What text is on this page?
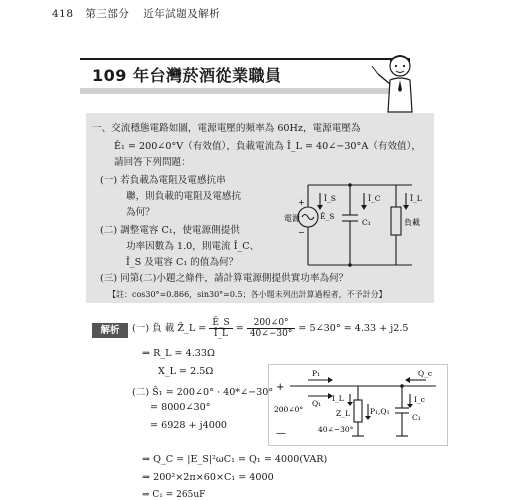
418 第三部分 近年試題及解析
109 年台灣菸酒從業職員
一、交流穩態電路如圖，電源電壓的頻率為 60Hz，電源電壓為
Ê₁ = 200∠0°V（有效值），負載電流為 Î_L = 40∠−30°A（有效值），
請回答下列問題：
(一) 若負載為電阻及電感抗串
聯，則負載的電阻及電感抗
為何？
(二) 調整電容 C₁，使電源側提供
功率因數為 1.0，則電流 Î_C、
Î_S 及電容 C₁ 的值為何？
(三) 同第(二)小題之條件，請計算電源側提供實功率為何？
【註：cos30°=0.866，sin30°=0.5；各小題未列出計算過程者，不予計分】
+
−
電源	Ê_S
Î_S	Î_C
C₁
Î_L
負載
解析	(一) 負 載 Z̄_L = $\frac{Ē\_S}{Ī\_L} = \frac{200\angle 0^\circ}{40\angle-30^\circ}$ = 5∠30° = 4.33 + j2.5
⇒ R_L = 4.33Ω
X_L = 2.5Ω
(二) S̄₁ = 200∠0° · 40*∠−30°
= 8000∠30°
= 6928 + j4000
⇒ Q_C = |E_S|²ωC₁ = Q₁ = 4000(VAR)
⇒ 200²×2π×60×C₁ = 4000
⇒ C₁ = 265uF
+
—
200∠0°
P₁
Q₁
Q_c
I_L
Z_L	P₁,Q₁
I_c
C₁
40∠−30°
